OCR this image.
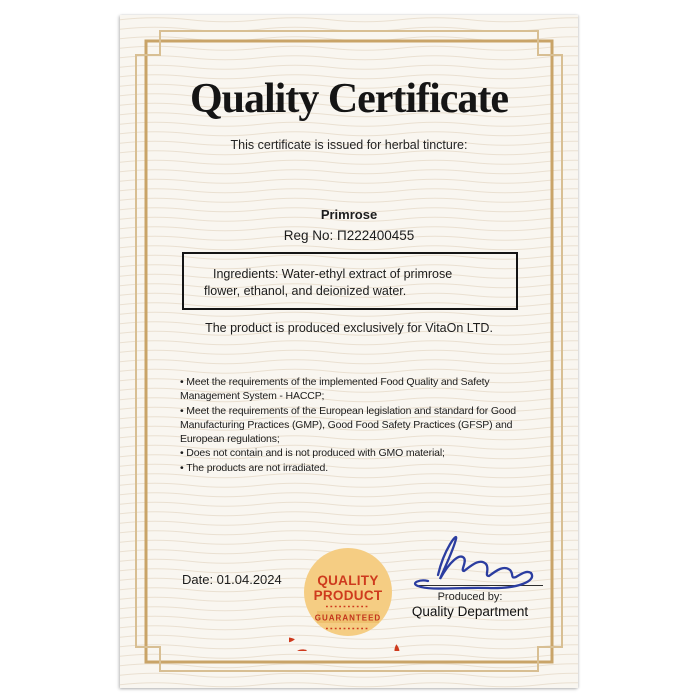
Quality Certificate
This certificate is issued for herbal tincture:
Primrose
Reg No: П222400455
Ingredients: Water-ethyl extract of primrose flower, ethanol, and deionized water.
The product is produced exclusively for VitaOn LTD.

• Meet the requirements of the implemented Food Quality and Safety Management System - HACCP;

• Meet the requirements of the European legislation and standard for Good Manufacturing Practices (GMP), Good Food Safety Practices (GFSP) and European regulations;

• Does not contain and is not produced with GMO material;

• The products are not irradiated.

Date: 01.04.2024	QUALITY
PRODUCT
GUARANTEED
Produced by:
Quality Department
